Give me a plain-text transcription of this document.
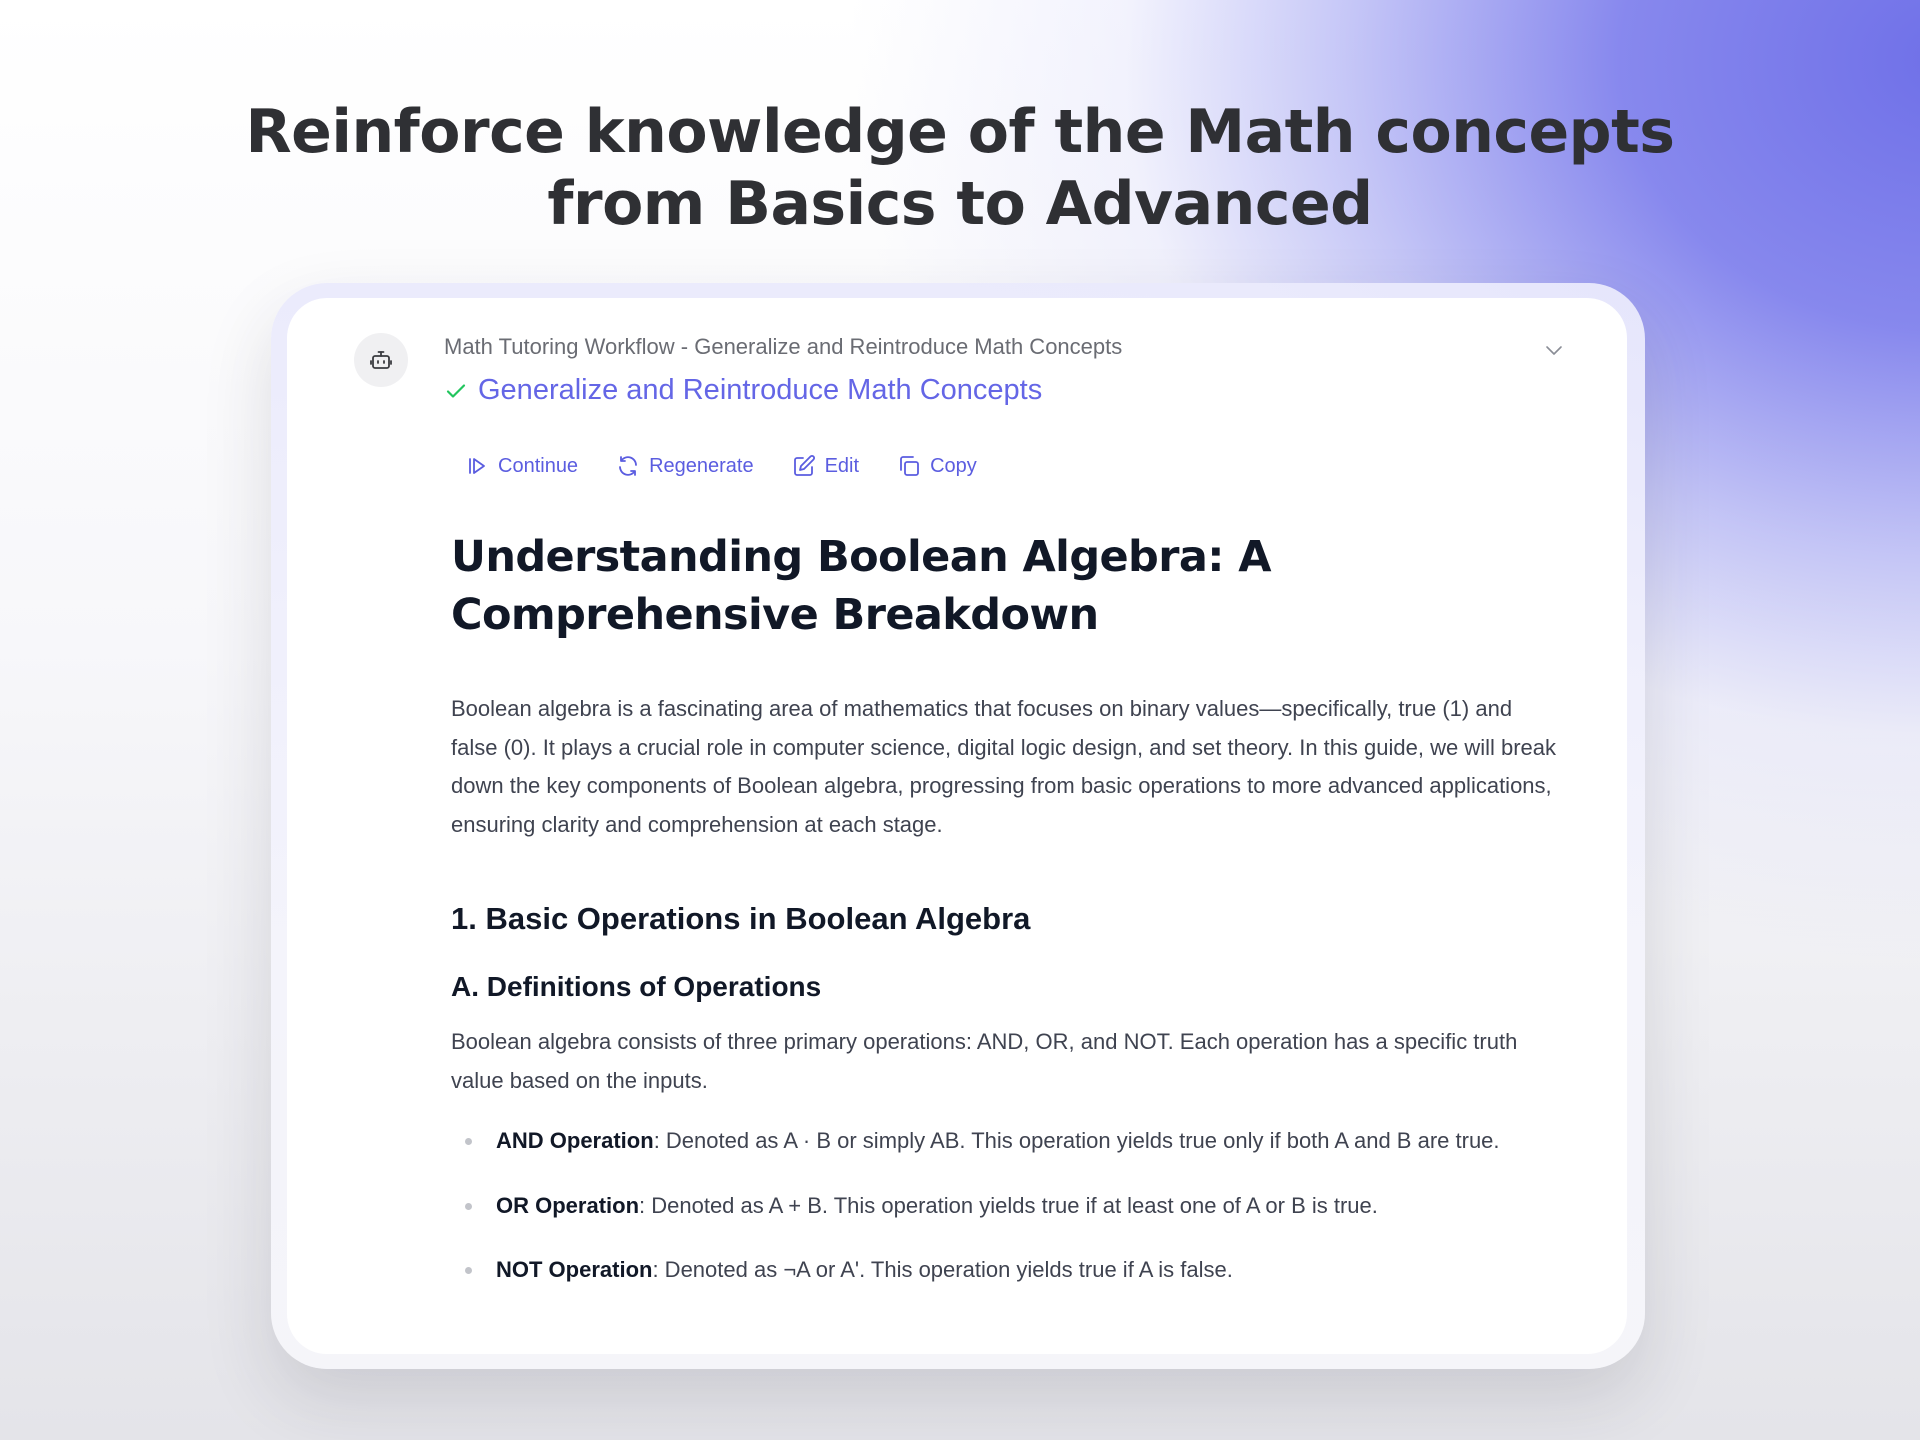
Reinforce knowledge of the Math concepts
from Basics to Advanced
Math Tutoring Workflow - Generalize and Reintroduce Math Concepts
Generalize and Reintroduce Math Concepts
Continue	Regenerate	Edit	Copy
Understanding Boolean Algebra: A
Comprehensive Breakdown

Boolean algebra is a fascinating area of mathematics that focuses on binary values—specifically, true (1) and false (0). It plays a crucial role in computer science, digital logic design, and set theory. In this guide, we will break down the key components of Boolean algebra, progressing from basic operations to more advanced applications, ensuring clarity and comprehension at each stage.

1. Basic Operations in Boolean Algebra
A. Definitions of Operations

Boolean algebra consists of three primary operations: AND, OR, and NOT. Each operation has a specific truth value based on the inputs.

AND Operation: Denoted as A · B or simply AB. This operation yields true only if both A and B are true.
OR Operation: Denoted as A + B. This operation yields true if at least one of A or B is true.
NOT Operation: Denoted as ¬A or A'. This operation yields true if A is false.
